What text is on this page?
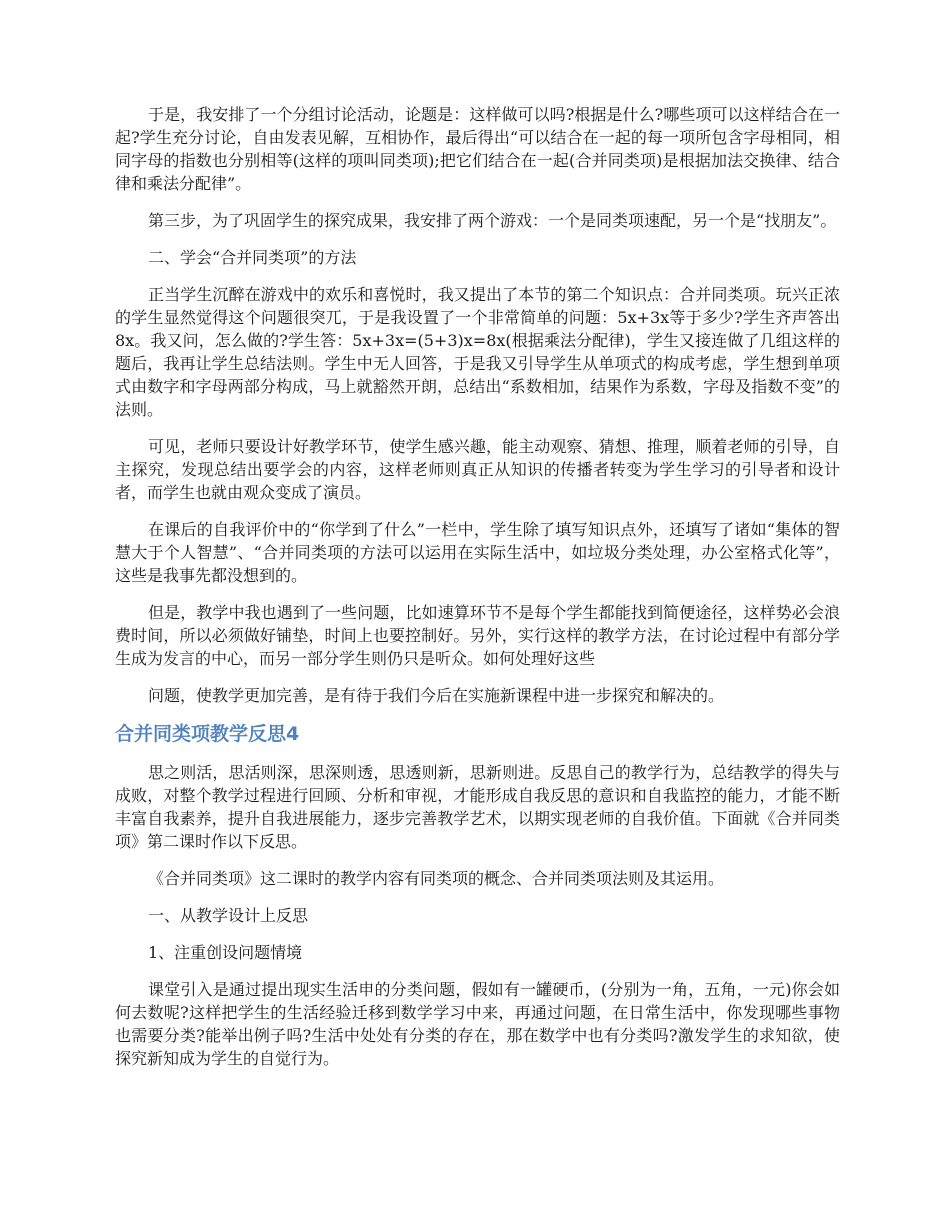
于是，我安排了一个分组讨论活动，论题是：这样做可以吗?根据是什么?哪些项可以这样结合在一起?学生充分讨论，自由发表见解，互相协作，最后得出“可以结合在一起的每一项所包含字母相同，相同字母的指数也分别相等(这样的项叫同类项);把它们结合在一起(合并同类项)是根据加法交换律、结合律和乘法分配律”。

第三步，为了巩固学生的探究成果，我安排了两个游戏：一个是同类项速配，另一个是“找朋友”。

二、学会“合并同类项”的方法

正当学生沉醉在游戏中的欢乐和喜悦时，我又提出了本节的第二个知识点：合并同类项。玩兴正浓的学生显然觉得这个问题很突兀，于是我设置了一个非常简单的问题：5x+3x等于多少?学生齐声答出8x。我又问，怎么做的?学生答：5x+3x=(5+3)x=8x(根据乘法分配律)，学生又接连做了几组这样的题后，我再让学生总结法则。学生中无人回答，于是我又引导学生从单项式的构成考虑，学生想到单项式由数字和字母两部分构成，马上就豁然开朗，总结出“系数相加，结果作为系数，字母及指数不变”的法则。

可见，老师只要设计好教学环节，使学生感兴趣，能主动观察、猜想、推理，顺着老师的引导，自主探究，发现总结出要学会的内容，这样老师则真正从知识的传播者转变为学生学习的引导者和设计者，而学生也就由观众变成了演员。

在课后的自我评价中的“你学到了什么”一栏中，学生除了填写知识点外，还填写了诸如“集体的智慧大于个人智慧”、“合并同类项的方法可以运用在实际生活中，如垃圾分类处理，办公室格式化等”，这些是我事先都没想到的。

但是，教学中我也遇到了一些问题，比如速算环节不是每个学生都能找到简便途径，这样势必会浪费时间，所以必须做好铺垫，时间上也要控制好。另外，实行这样的教学方法，在讨论过程中有部分学生成为发言的中心，而另一部分学生则仍只是听众。如何处理好这些

问题，使教学更加完善，是有待于我们今后在实施新课程中进一步探究和解决的。

合并同类项教学反思4

思之则活，思活则深，思深则透，思透则新，思新则进。反思自己的教学行为，总结教学的得失与成败，对整个教学过程进行回顾、分析和审视，才能形成自我反思的意识和自我监控的能力，才能不断丰富自我素养，提升自我进展能力，逐步完善教学艺术，以期实现老师的自我价值。下面就《合并同类项》第二课时作以下反思。

《合并同类项》这二课时的教学内容有同类项的概念、合并同类项法则及其运用。

一、从教学设计上反思

1、注重创设问题情境

课堂引入是通过提出现实生活申的分类问题，假如有一罐硬币，(分别为一角，五角，一元)你会如何去数呢?这样把学生的生活经验迁移到数学学习中来，再通过问题，在日常生活中，你发现哪些事物也需要分类?能举出例子吗?生活中处处有分类的存在，那在数学中也有分类吗?激发学生的求知欲，使探究新知成为学生的自觉行为。
